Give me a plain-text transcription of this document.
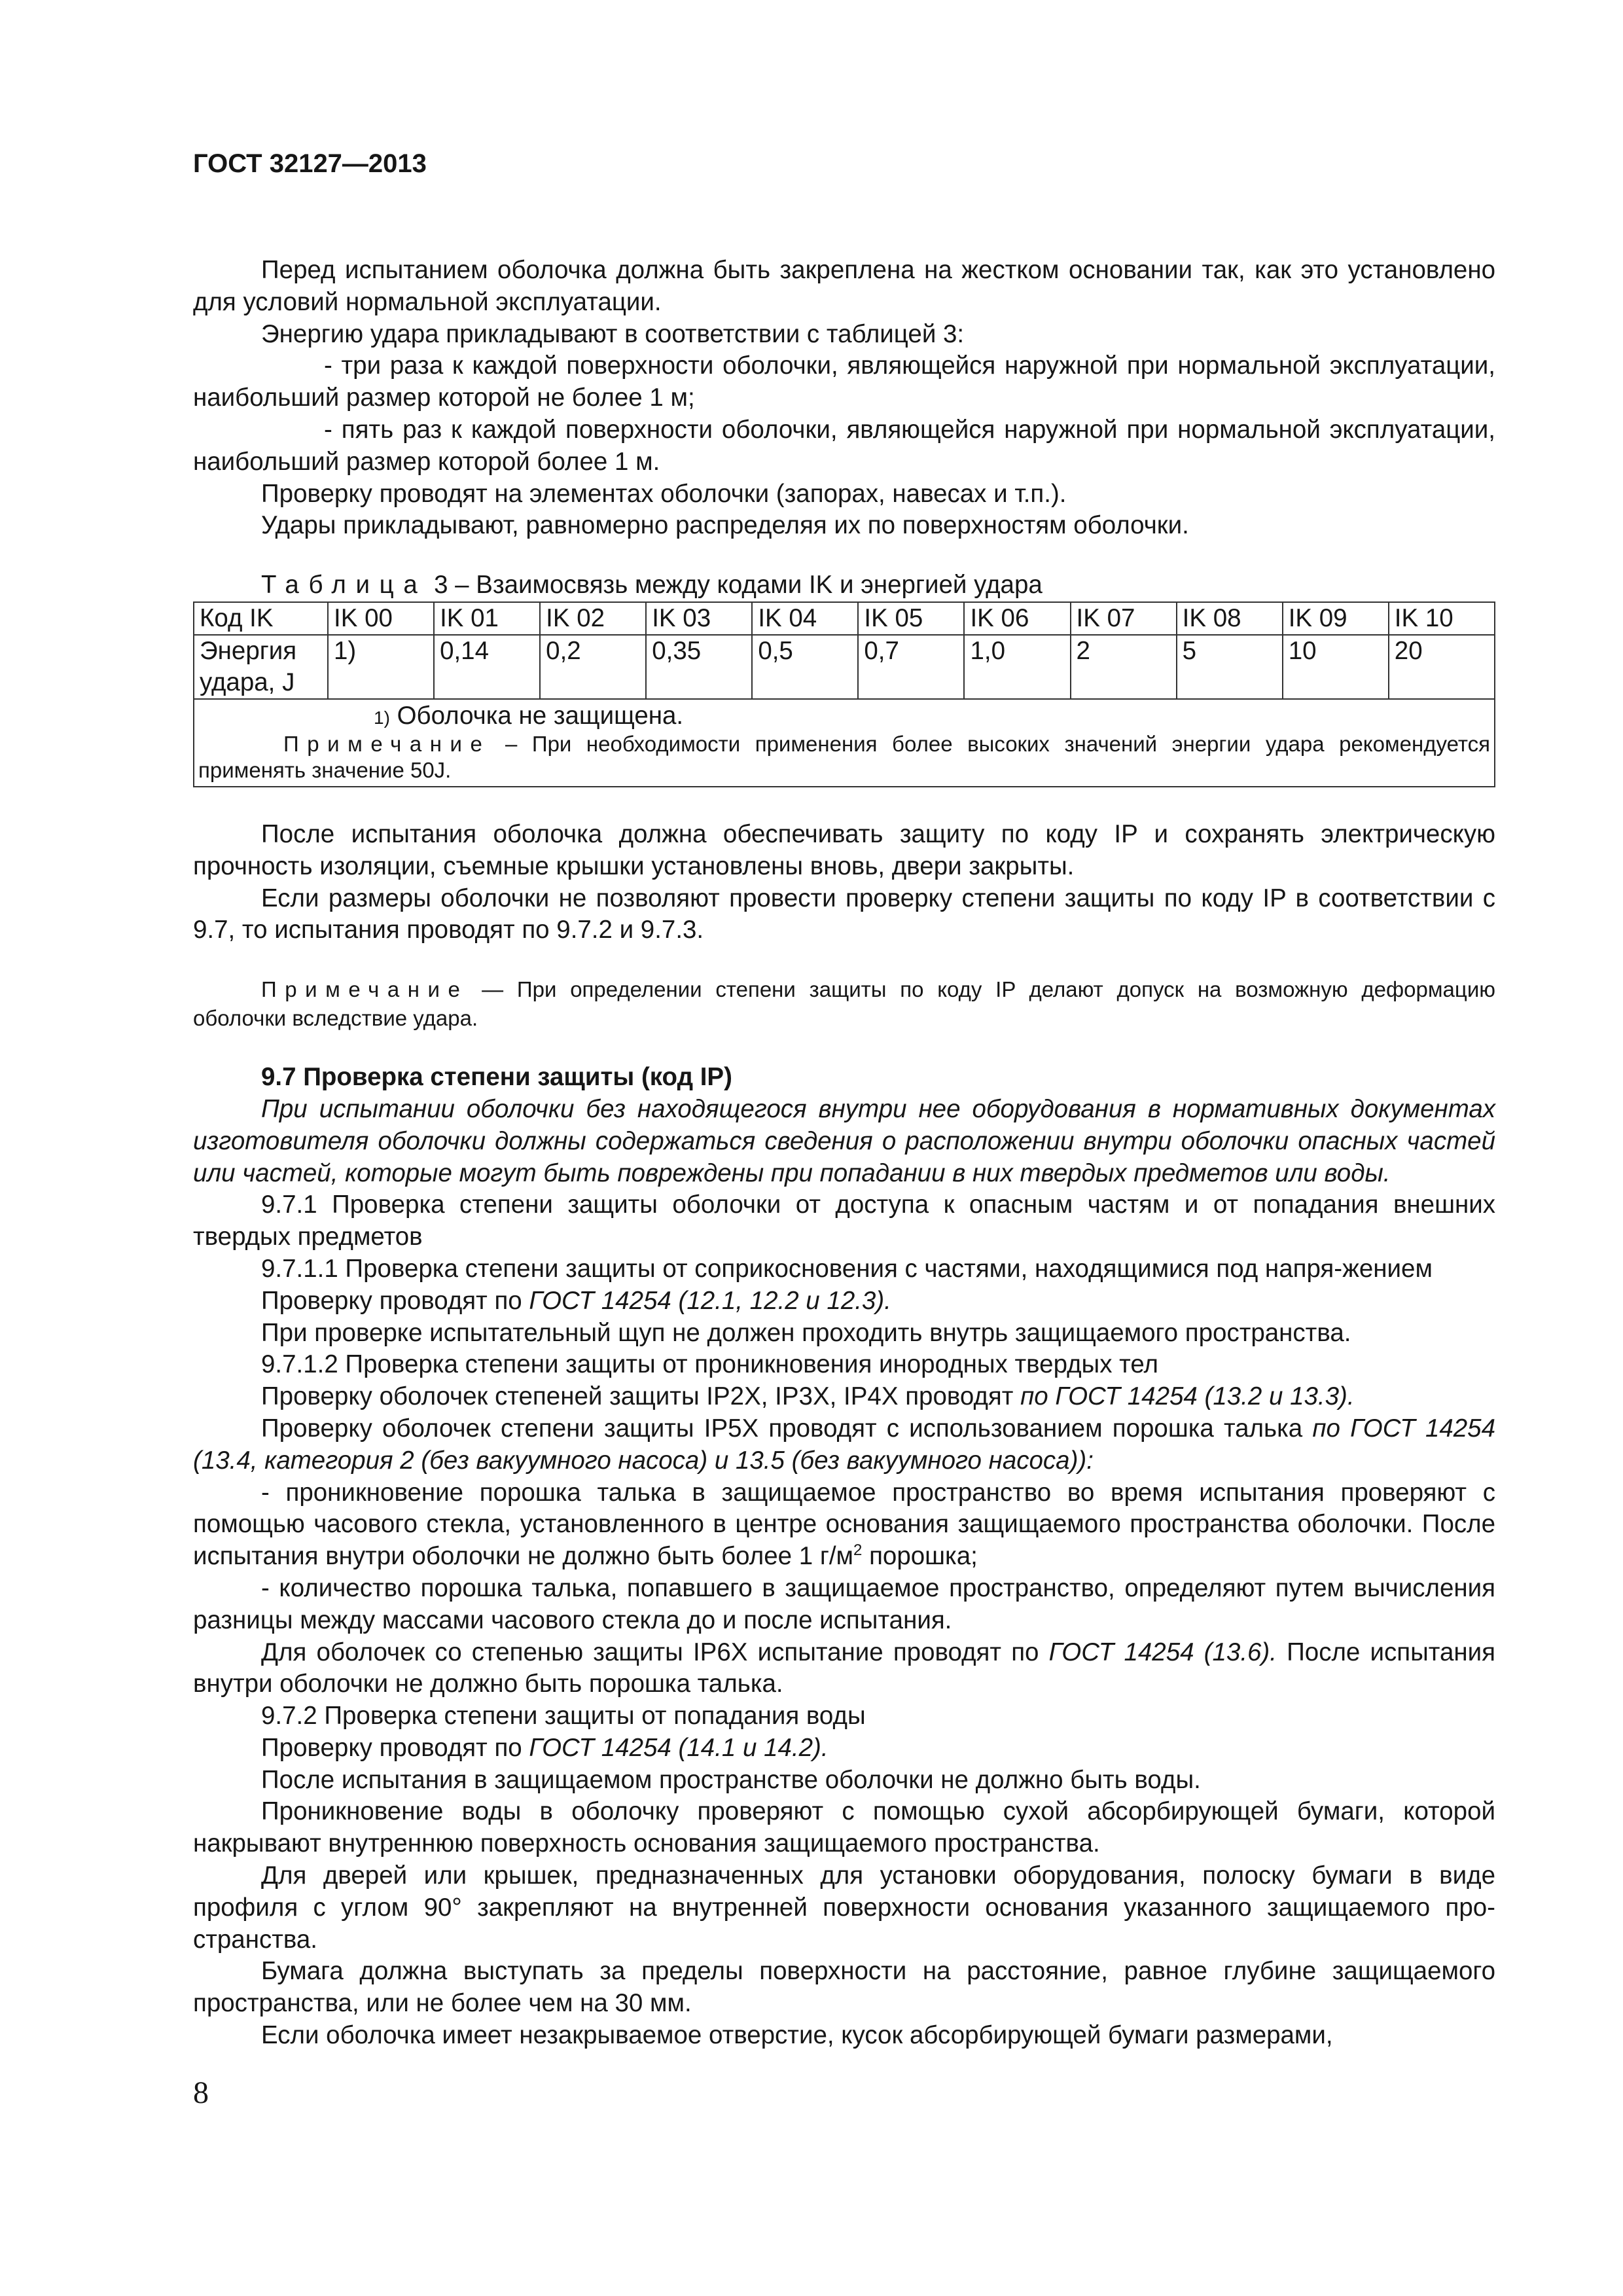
ГОСТ 32127—2013

Перед испытанием оболочка должна быть закреплена на жестком основании так, как это установлено для условий нормальной эксплуатации.

Энергию удара прикладывают в соответствии с таблицей 3:

- три раза к каждой поверхности оболочки, являющейся наружной при нормальной эксплуатации, наибольший размер которой не более 1 м;

- пять раз к каждой поверхности оболочки, являющейся наружной при нормальной эксплуатации, наибольший размер которой более 1 м.

Проверку проводят на элементах оболочки (запорах, навесах и т.п.).

Удары прикладывают, равномерно распределяя их по поверхностям оболочки.

Таблица 3 – Взаимосвязь между кодами IK и энергией удара

Код IK	IK 00	IK 01	IK 02	IK 03	IK 04	IK 05	IK 06	IK 07	IK 08	IK 09	IK 10
Энергия удара, J	1)	0,14	0,2	0,35	0,5	0,7	1,0	2	5	10	20

1) Оболочка не защищена.
Примечание – При необходимости применения более высоких значений энергии удара рекомендуется применять значение 50J.											

После испытания оболочка должна обеспечивать защиту по коду IP и сохранять электрическую прочность изоляции, съемные крышки установлены вновь, двери закрыты.

Если размеры оболочки не позволяют провести проверку степени защиты по коду IP в соответствии с 9.7, то испытания проводят по 9.7.2 и 9.7.3.

Примечание — При определении степени защиты по коду IP делают допуск на возможную деформацию оболочки вследствие удара.

9.7 Проверка степени защиты (код IP)

При испытании оболочки без находящегося внутри нее оборудования в нормативных документах изготовителя оболочки должны содержаться сведения о расположении внутри оболочки опасных частей или частей, которые могут быть повреждены при попадании в них твердых предметов или воды.

9.7.1 Проверка степени защиты оболочки от доступа к опасным частям и от попадания внешних твердых предметов

9.7.1.1 Проверка степени защиты от соприкосновения с частями, находящимися под напря-жением

Проверку проводят по ГОСТ 14254 (12.1, 12.2 и 12.3).

При проверке испытательный щуп не должен проходить внутрь защищаемого пространства.

9.7.1.2 Проверка степени защиты от проникновения инородных твердых тел

Проверку оболочек степеней защиты IP2X, IP3X, IP4X проводят по ГОСТ 14254 (13.2 и 13.3).

Проверку оболочек степени защиты IP5X проводят с использованием порошка талька по ГОСТ 14254 (13.4, категория 2 (без вакуумного насоса) и 13.5 (без вакуумного насоса)):

- проникновение порошка талька в защищаемое пространство во время испытания проверяют с помощью часового стекла, установленного в центре основания защищаемого пространства оболочки. После испытания внутри оболочки не должно быть более 1 $г/м^2$ порошка;

- количество порошка талька, попавшего в защищаемое пространство, определяют путем вычисления разницы между массами часового стекла до и после испытания.

Для оболочек со степенью защиты IP6X испытание проводят по ГОСТ 14254 (13.6). После испытания внутри оболочки не должно быть порошка талька.

9.7.2 Проверка степени защиты от попадания воды

Проверку проводят по ГОСТ 14254 (14.1 и 14.2).

После испытания в защищаемом пространстве оболочки не должно быть воды.

Проникновение воды в оболочку проверяют с помощью сухой абсорбирующей бумаги, которой накрывают внутреннюю поверхность основания защищаемого пространства.

Для дверей или крышек, предназначенных для установки оборудования, полоску бумаги в виде профиля с углом 90° закрепляют на внутренней поверхности основания указанного защищаемого про-странства.

Бумага должна выступать за пределы поверхности на расстояние, равное глубине защищаемого пространства, или не более чем на 30 мм.

Если оболочка имеет незакрываемое отверстие, кусок абсорбирующей бумаги размерами,

8
